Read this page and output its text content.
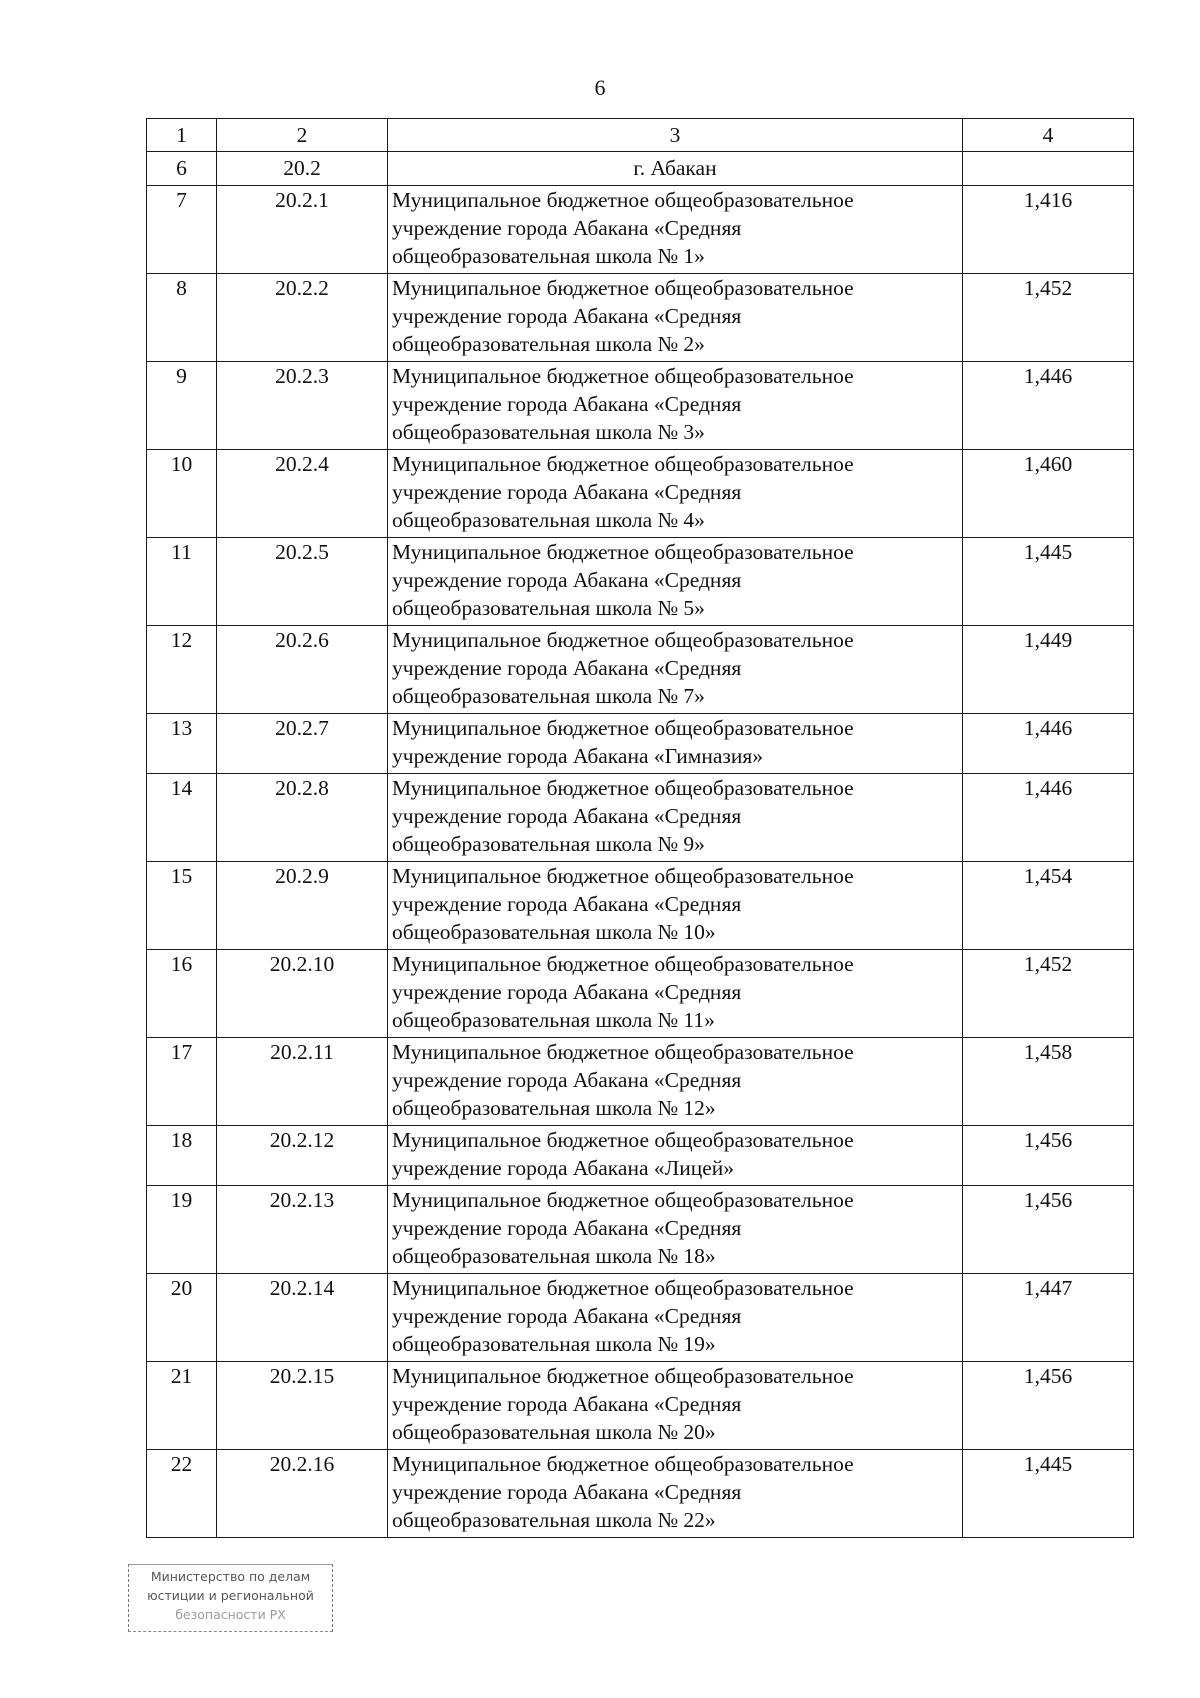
6
1	2	3	4
6	20.2	г. Абакан	
7	20.2.1	Муниципальное бюджетное общеобразовательное
учреждение города Абакана «Средняя
общеобразовательная школа № 1»	1,416
8	20.2.2	Муниципальное бюджетное общеобразовательное
учреждение города Абакана «Средняя
общеобразовательная школа № 2»	1,452
9	20.2.3	Муниципальное бюджетное общеобразовательное
учреждение города Абакана «Средняя
общеобразовательная школа № 3»	1,446
10	20.2.4	Муниципальное бюджетное общеобразовательное
учреждение города Абакана «Средняя
общеобразовательная школа № 4»	1,460
11	20.2.5	Муниципальное бюджетное общеобразовательное
учреждение города Абакана «Средняя
общеобразовательная школа № 5»	1,445
12	20.2.6	Муниципальное бюджетное общеобразовательное
учреждение города Абакана «Средняя
общеобразовательная школа № 7»	1,449
13	20.2.7	Муниципальное бюджетное общеобразовательное
учреждение города Абакана «Гимназия»	1,446
14	20.2.8	Муниципальное бюджетное общеобразовательное
учреждение города Абакана «Средняя
общеобразовательная школа № 9»	1,446
15	20.2.9	Муниципальное бюджетное общеобразовательное
учреждение города Абакана «Средняя
общеобразовательная школа № 10»	1,454
16	20.2.10	Муниципальное бюджетное общеобразовательное
учреждение города Абакана «Средняя
общеобразовательная школа № 11»	1,452
17	20.2.11	Муниципальное бюджетное общеобразовательное
учреждение города Абакана «Средняя
общеобразовательная школа № 12»	1,458
18	20.2.12	Муниципальное бюджетное общеобразовательное
учреждение города Абакана «Лицей»	1,456
19	20.2.13	Муниципальное бюджетное общеобразовательное
учреждение города Абакана «Средняя
общеобразовательная школа № 18»	1,456
20	20.2.14	Муниципальное бюджетное общеобразовательное
учреждение города Абакана «Средняя
общеобразовательная школа № 19»	1,447
21	20.2.15	Муниципальное бюджетное общеобразовательное
учреждение города Абакана «Средняя
общеобразовательная школа № 20»	1,456
22	20.2.16	Муниципальное бюджетное общеобразовательное
учреждение города Абакана «Средняя
общеобразовательная школа № 22»	1,445
Министерство по делам
юстиции и региональной
безопасности РХ
